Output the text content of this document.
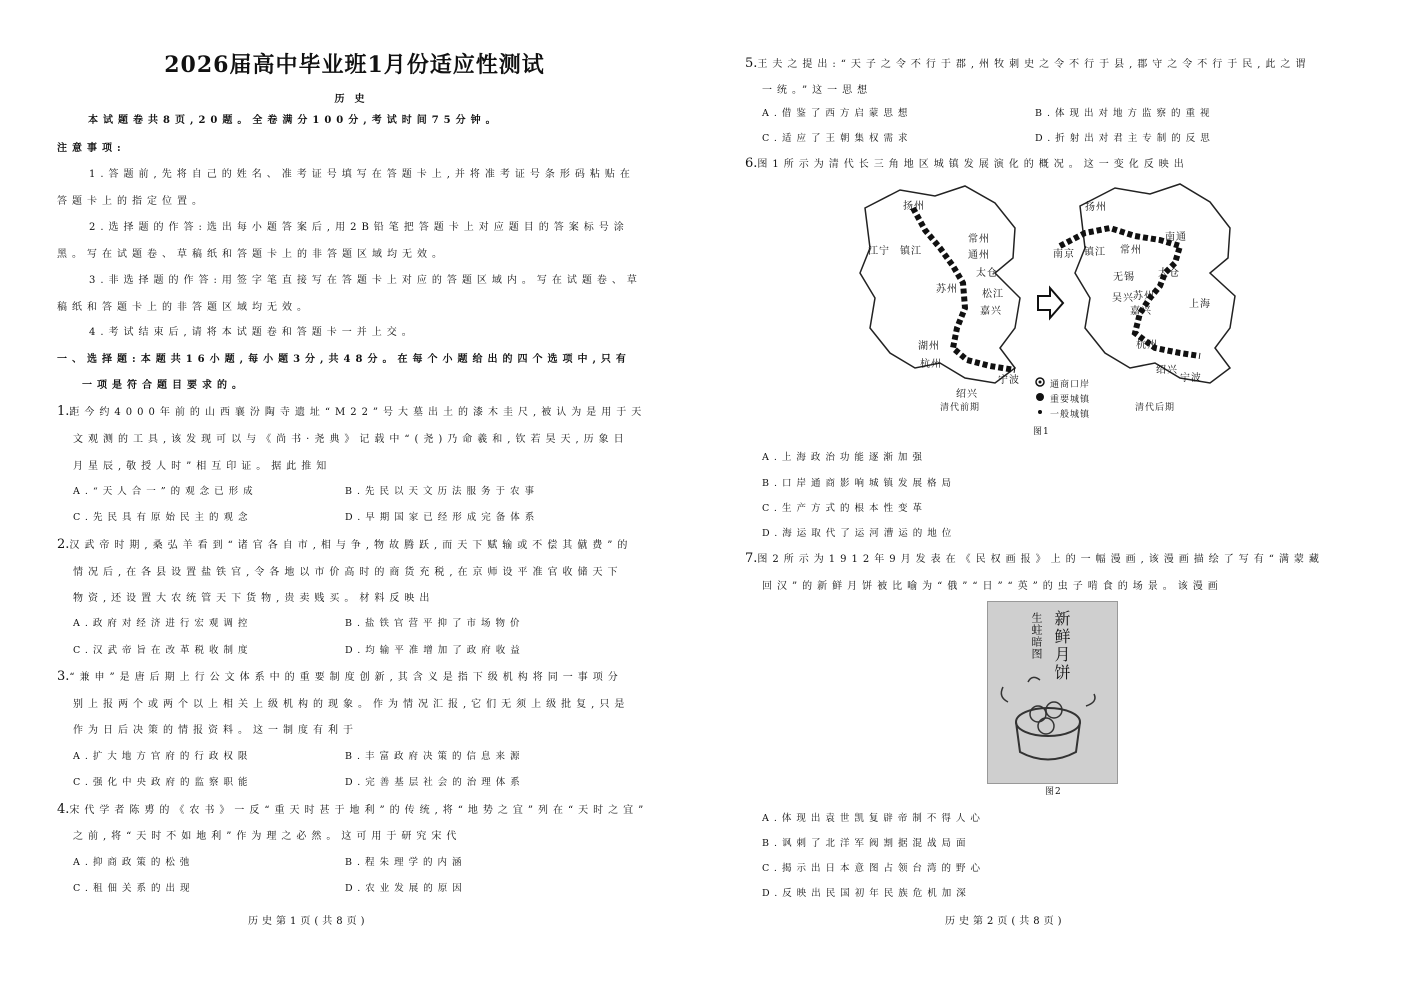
2026届高中毕业班1月份适应性测试
历史
本试题卷共8页,20题。全卷满分100分,考试时间75分钟。
注意事项:
1.答题前,先将自己的姓名、准考证号填写在答题卡上,并将准考证号条形码粘贴在
答题卡上的指定位置。
2.选择题的作答:选出每小题答案后,用2B铅笔把答题卡上对应题目的答案标号涂
黑。写在试题卷、草稿纸和答题卡上的非答题区域均无效。
3.非选择题的作答:用签字笔直接写在答题卡上对应的答题区域内。写在试题卷、草
稿纸和答题卡上的非答题区域均无效。
4.考试结束后,请将本试题卷和答题卡一并上交。
一、选择题:本题共16小题,每小题3分,共48分。在每个小题给出的四个选项中,只有
一项是符合题目要求的。
1.距今约4000年前的山西襄汾陶寺遗址“M22”号大墓出土的漆木圭尺,被认为是用于天
文观测的工具,该发现可以与《尚书·尧典》记载中“(尧)乃命羲和,钦若昊天,历象日
月星辰,敬授人时”相互印证。据此推知
A.“天人合一”的观念已形成	B.先民以天文历法服务于农事
C.先民具有原始民主的观念	D.早期国家已经形成完备体系
2.汉武帝时期,桑弘羊看到“诸官各自市,相与争,物故腾跃,而天下赋输或不偿其僦费”的
情况后,在各县设置盐铁官,令各地以市价高时的商货充税,在京师设平准官收储天下
物资,还设置大农统管天下货物,贵卖贱买。材料反映出
A.政府对经济进行宏观调控	B.盐铁官营平抑了市场物价
C.汉武帝旨在改革税收制度	D.均输平准增加了政府收益
3.“兼申”是唐后期上行公文体系中的重要制度创新,其含义是指下级机构将同一事项分
别上报两个或两个以上相关上级机构的现象。作为情况汇报,它们无须上级批复,只是
作为日后决策的情报资料。这一制度有利于
A.扩大地方官府的行政权限	B.丰富政府决策的信息来源
C.强化中央政府的监察职能	D.完善基层社会的治理体系
4.宋代学者陈旉的《农书》一反“重天时甚于地利”的传统,将“地势之宜”列在“天时之宜”
之前,将“天时不如地利”作为理之必然。这可用于研究宋代
A.抑商政策的松弛	B.程朱理学的内涵
C.租佃关系的出现	D.农业发展的原因
历史第1页(共8页)
5.王夫之提出:“天子之令不行于郡,州牧刺史之令不行于县,郡守之令不行于民,此之谓
一统。”这一思想
A.借鉴了西方启蒙思想	B.体现出对地方监察的重视
C.适应了王朝集权需求	D.折射出对君主专制的反思
6.图1所示为清代长三角地区城镇发展演化的概况。这一变化反映出
清代前期	清代后期
通商口岸
重要城镇
一般城镇
图1
扬州
江宁 镇江
常州
通州
太仓
苏州 松江
嘉兴
湖州
杭州
绍兴
宁波
扬州
南京 镇江 常州
南通
无锡 太仓
吴兴 苏州
嘉兴
上海
杭州
绍兴
宁波
A.上海政治功能逐渐加强
B.口岸通商影响城镇发展格局
C.生产方式的根本性变革
D.海运取代了运河漕运的地位
7.图2所示为1912年9月发表在《民权画报》上的一幅漫画,该漫画描绘了写有“满蒙藏
回汉”的新鲜月饼被比喻为“俄”“日”“英”的虫子啃食的场景。该漫画
新鲜月饼
生蛀暗图
图2
A.体现出袁世凯复辟帝制不得人心
B.讽刺了北洋军阀割据混战局面
C.揭示出日本意图占领台湾的野心
D.反映出民国初年民族危机加深
历史第2页(共8页)
